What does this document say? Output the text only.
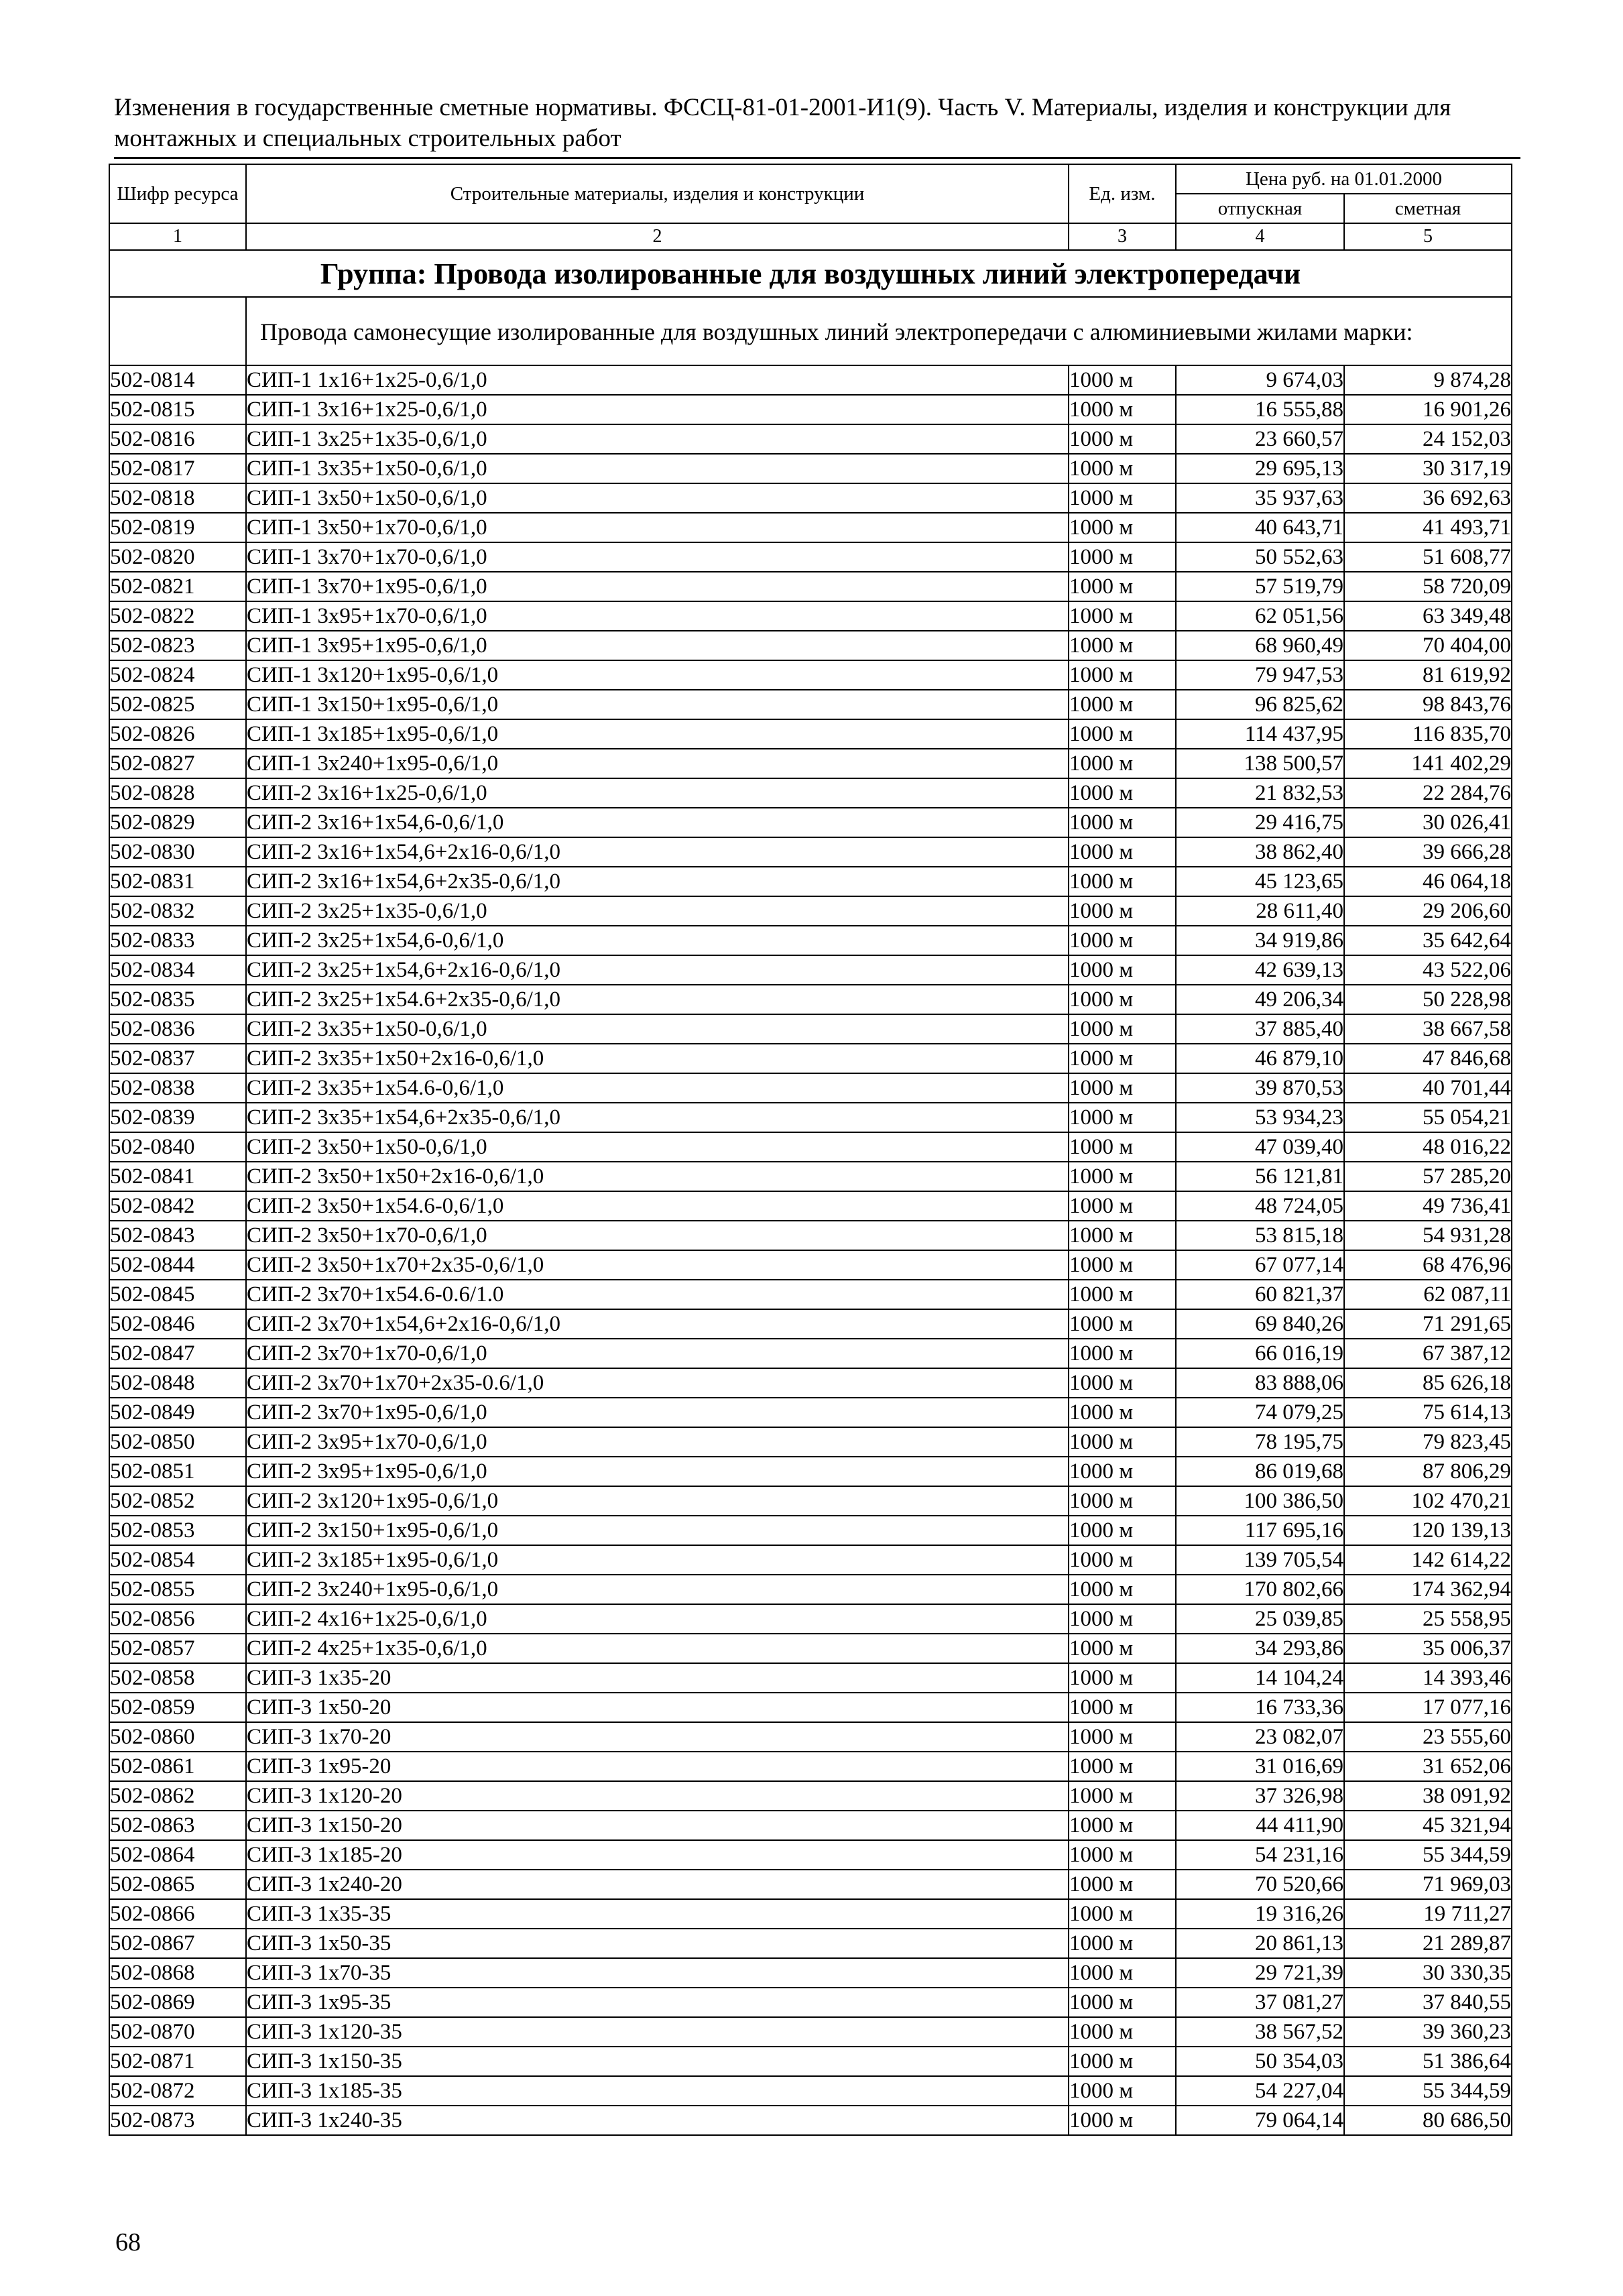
Изменения в государственные сметные нормативы. ФССЦ-81-01-2001-И1(9). Часть V. Материалы, изделия и конструкции для монтажных и специальных строительных работ
Шифр ресурса	Строительные материалы, изделия и конструкции	Ед. изм.	Цена руб. на 01.01.2000	
			отпускная	сметная
1	2	3	4	5
Группа: Провода изолированные для воздушных линий электропередачи				
	Провода самонесущие изолированные для воздушных линий электропередачи с алюминиевыми жилами марки:			
502-0814	СИП-1 1x16+1x25-0,6/1,0	1000 м	9 674,03	9 874,28
502-0815	СИП-1 3x16+1x25-0,6/1,0	1000 м	16 555,88	16 901,26
502-0816	СИП-1 3x25+1x35-0,6/1,0	1000 м	23 660,57	24 152,03
502-0817	СИП-1 3x35+1x50-0,6/1,0	1000 м	29 695,13	30 317,19
502-0818	СИП-1 3x50+1x50-0,6/1,0	1000 м	35 937,63	36 692,63
502-0819	СИП-1 3x50+1x70-0,6/1,0	1000 м	40 643,71	41 493,71
502-0820	СИП-1 3x70+1x70-0,6/1,0	1000 м	50 552,63	51 608,77
502-0821	СИП-1 3x70+1x95-0,6/1,0	1000 м	57 519,79	58 720,09
502-0822	СИП-1 3x95+1x70-0,6/1,0	1000 м	62 051,56	63 349,48
502-0823	СИП-1 3x95+1x95-0,6/1,0	1000 м	68 960,49	70 404,00
502-0824	СИП-1 3x120+1x95-0,6/1,0	1000 м	79 947,53	81 619,92
502-0825	СИП-1 3x150+1x95-0,6/1,0	1000 м	96 825,62	98 843,76
502-0826	СИП-1 3x185+1x95-0,6/1,0	1000 м	114 437,95	116 835,70
502-0827	СИП-1 3x240+1x95-0,6/1,0	1000 м	138 500,57	141 402,29
502-0828	СИП-2 3x16+1x25-0,6/1,0	1000 м	21 832,53	22 284,76
502-0829	СИП-2 3x16+1x54,6-0,6/1,0	1000 м	29 416,75	30 026,41
502-0830	СИП-2 3x16+1x54,6+2x16-0,6/1,0	1000 м	38 862,40	39 666,28
502-0831	СИП-2 3x16+1x54,6+2x35-0,6/1,0	1000 м	45 123,65	46 064,18
502-0832	СИП-2 3x25+1x35-0,6/1,0	1000 м	28 611,40	29 206,60
502-0833	СИП-2 3x25+1x54,6-0,6/1,0	1000 м	34 919,86	35 642,64
502-0834	СИП-2 3x25+1x54,6+2x16-0,6/1,0	1000 м	42 639,13	43 522,06
502-0835	СИП-2 3x25+1x54.6+2x35-0,6/1,0	1000 м	49 206,34	50 228,98
502-0836	СИП-2 3x35+1x50-0,6/1,0	1000 м	37 885,40	38 667,58
502-0837	СИП-2 3x35+1x50+2x16-0,6/1,0	1000 м	46 879,10	47 846,68
502-0838	СИП-2 3x35+1x54.6-0,6/1,0	1000 м	39 870,53	40 701,44
502-0839	СИП-2 3x35+1x54,6+2x35-0,6/1,0	1000 м	53 934,23	55 054,21
502-0840	СИП-2 3x50+1x50-0,6/1,0	1000 м	47 039,40	48 016,22
502-0841	СИП-2 3x50+1x50+2x16-0,6/1,0	1000 м	56 121,81	57 285,20
502-0842	СИП-2 3x50+1x54.6-0,6/1,0	1000 м	48 724,05	49 736,41
502-0843	СИП-2 3x50+1x70-0,6/1,0	1000 м	53 815,18	54 931,28
502-0844	СИП-2 3x50+1x70+2x35-0,6/1,0	1000 м	67 077,14	68 476,96
502-0845	СИП-2 3x70+1x54.6-0.6/1.0	1000 м	60 821,37	62 087,11
502-0846	СИП-2 3x70+1x54,6+2x16-0,6/1,0	1000 м	69 840,26	71 291,65
502-0847	СИП-2 3x70+1x70-0,6/1,0	1000 м	66 016,19	67 387,12
502-0848	СИП-2 3x70+1x70+2x35-0.6/1,0	1000 м	83 888,06	85 626,18
502-0849	СИП-2 3x70+1x95-0,6/1,0	1000 м	74 079,25	75 614,13
502-0850	СИП-2 3x95+1x70-0,6/1,0	1000 м	78 195,75	79 823,45
502-0851	СИП-2 3x95+1x95-0,6/1,0	1000 м	86 019,68	87 806,29
502-0852	СИП-2 3x120+1x95-0,6/1,0	1000 м	100 386,50	102 470,21
502-0853	СИП-2 3x150+1x95-0,6/1,0	1000 м	117 695,16	120 139,13
502-0854	СИП-2 3x185+1x95-0,6/1,0	1000 м	139 705,54	142 614,22
502-0855	СИП-2 3x240+1x95-0,6/1,0	1000 м	170 802,66	174 362,94
502-0856	СИП-2 4x16+1x25-0,6/1,0	1000 м	25 039,85	25 558,95
502-0857	СИП-2 4x25+1x35-0,6/1,0	1000 м	34 293,86	35 006,37
502-0858	СИП-3 1x35-20	1000 м	14 104,24	14 393,46
502-0859	СИП-3 1x50-20	1000 м	16 733,36	17 077,16
502-0860	СИП-3 1x70-20	1000 м	23 082,07	23 555,60
502-0861	СИП-3 1x95-20	1000 м	31 016,69	31 652,06
502-0862	СИП-3 1x120-20	1000 м	37 326,98	38 091,92
502-0863	СИП-3 1x150-20	1000 м	44 411,90	45 321,94
502-0864	СИП-3 1x185-20	1000 м	54 231,16	55 344,59
502-0865	СИП-3 1x240-20	1000 м	70 520,66	71 969,03
502-0866	СИП-3 1x35-35	1000 м	19 316,26	19 711,27
502-0867	СИП-3 1x50-35	1000 м	20 861,13	21 289,87
502-0868	СИП-3 1x70-35	1000 м	29 721,39	30 330,35
502-0869	СИП-3 1x95-35	1000 м	37 081,27	37 840,55
502-0870	СИП-3 1x120-35	1000 м	38 567,52	39 360,23
502-0871	СИП-3 1x150-35	1000 м	50 354,03	51 386,64
502-0872	СИП-3 1x185-35	1000 м	54 227,04	55 344,59
502-0873	СИП-3 1x240-35	1000 м	79 064,14	80 686,50
68
